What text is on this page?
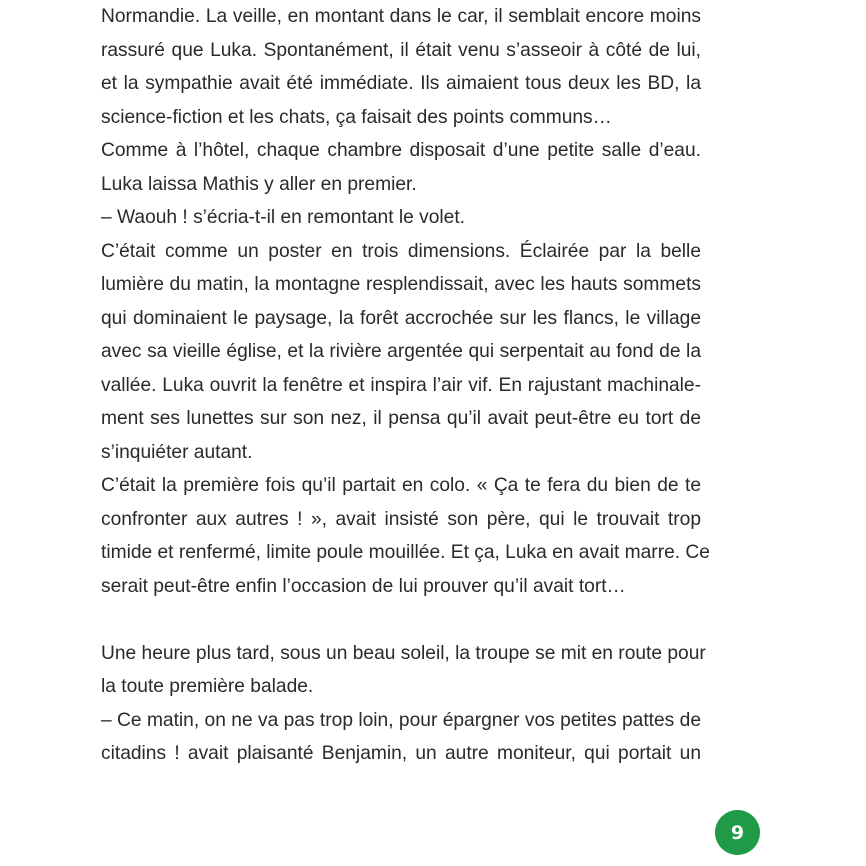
Normandie. La veille, en montant dans le car, il semblait encore moins
rassuré que Luka. Spontanément, il était venu s’asseoir à côté de lui,
et la sympathie avait été immédiate. Ils aimaient tous deux les BD, la
science-fiction et les chats, ça faisait des points communs…
Comme à l’hôtel, chaque chambre disposait d’une petite salle d’eau.
Luka laissa Mathis y aller en premier.
– Waouh ! s’écria-t-il en remontant le volet.
C’était comme un poster en trois dimensions. Éclairée par la belle
lumière du matin, la montagne resplendissait, avec les hauts sommets
qui dominaient le paysage, la forêt accrochée sur les flancs, le village
avec sa vieille église, et la rivière argentée qui serpentait au fond de la
vallée. Luka ouvrit la fenêtre et inspira l’air vif. En rajustant machinale-
ment ses lunettes sur son nez, il pensa qu’il avait peut-être eu tort de
s’inquiéter autant.
C’était la première fois qu’il partait en colo. « Ça te fera du bien de te
confronter aux autres ! », avait insisté son père, qui le trouvait trop
timide et renfermé, limite poule mouillée. Et ça, Luka en avait marre. Ce
serait peut-être enfin l’occasion de lui prouver qu’il avait tort…
Une heure plus tard, sous un beau soleil, la troupe se mit en route pour
la toute première balade.
– Ce matin, on ne va pas trop loin, pour épargner vos petites pattes de
citadins ! avait plaisanté Benjamin, un autre moniteur, qui portait un
9
